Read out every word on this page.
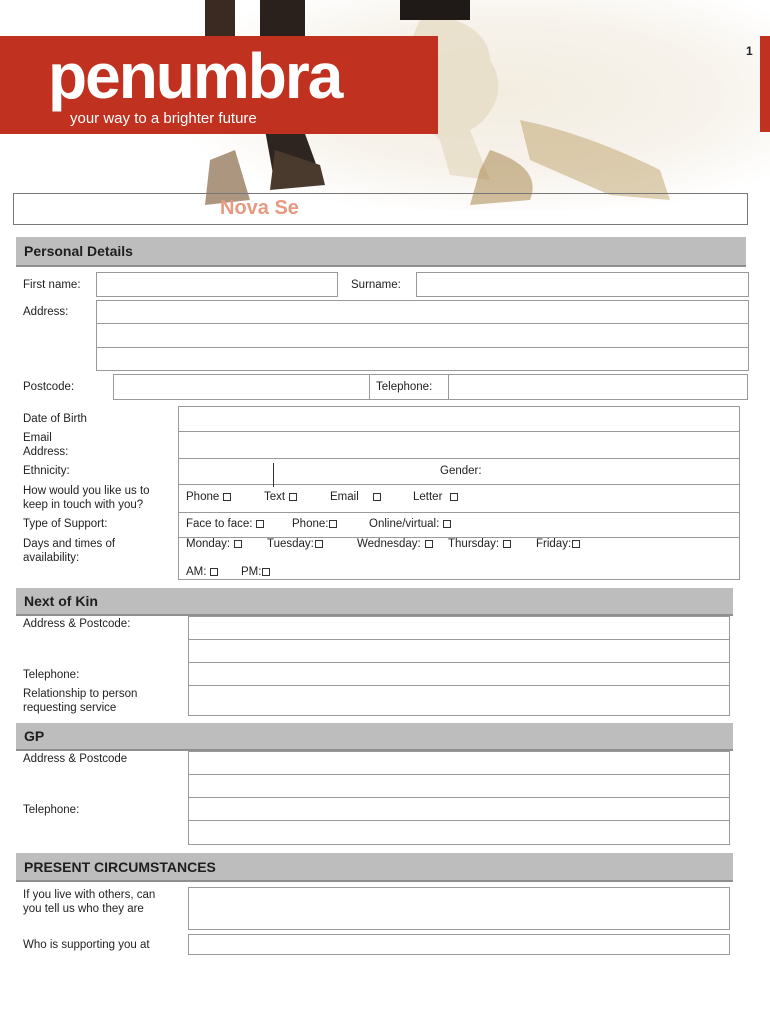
1
penumbra
your way to a brighter future
Nova Se
Personal Details
First name:	Surname:
Address:
Postcode:	Telephone:
Date of Birth
Email
Address:
Ethnicity:	Gender:
How would you like us to
keep in touch with you?
Phone	Text	Email	Letter
Type of Support:	Face to face:	Phone:	Online/virtual:
Days and times of
availability:
Monday:	Tuesday:	Wednesday:	Thursday:	Friday:
AM:	PM:
Next of Kin
Address & Postcode:
Telephone:
Relationship to person
requesting service
GP
Address & Postcode
Telephone:
PRESENT CIRCUMSTANCES
If you live with others, can
you tell us who they are
Who is supporting you at
